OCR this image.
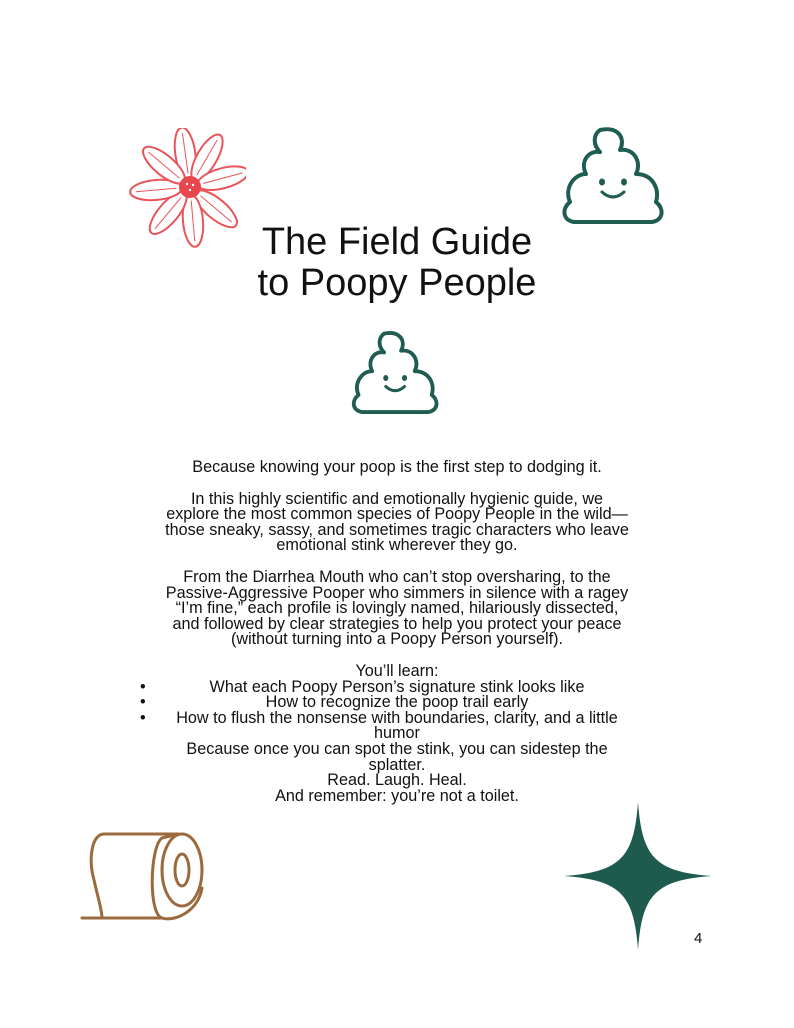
The Field Guide
to Poopy People

Because knowing your poop is the first step to dodging it.

In this highly scientific and emotionally hygienic guide, we

explore the most common species of Poopy People in the wild—

those sneaky, sassy, and sometimes tragic characters who leave

emotional stink wherever they go.

From the Diarrhea Mouth who can’t stop oversharing, to the

Passive-Aggressive Pooper who simmers in silence with a ragey

“I’m fine,” each profile is lovingly named, hilariously dissected,

and followed by clear strategies to help you protect your peace

(without turning into a Poopy Person yourself).

You’ll learn:

•	What each Poopy Person’s signature stink looks like
•	How to recognize the poop trail early
• How to flush the nonsense with boundaries, clarity, and a little
humor

Because once you can spot the stink, you can sidestep the

splatter.

Read. Laugh. Heal.

And remember: you’re not a toilet.

4
